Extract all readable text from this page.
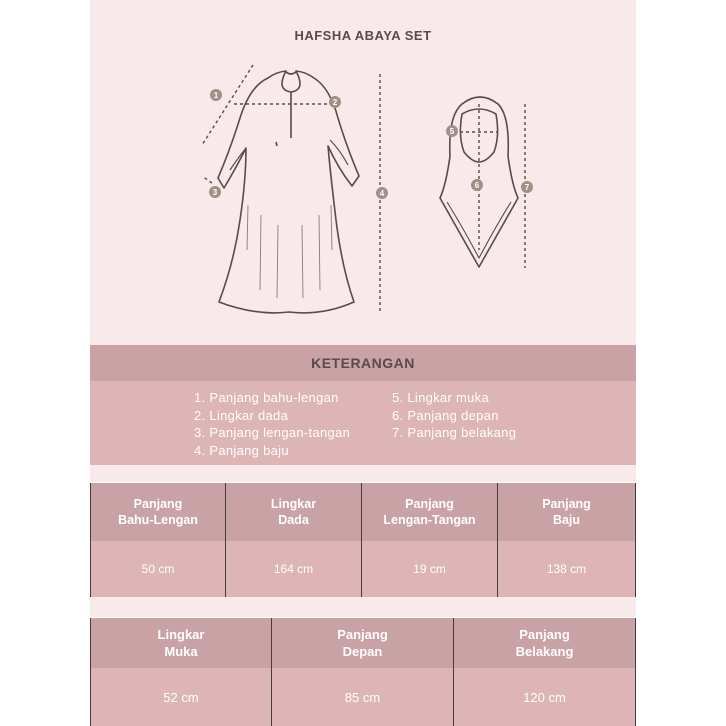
HAFSHA ABAYA SET
1
2
3	4
5
6	7
KETERANGAN
1. Panjang bahu-lengan
2. Lingkar dada
3. Panjang lengan-tangan
4. Panjang baju
5. Lingkar muka
6. Panjang depan
7. Panjang belakang
Panjang
Bahu-Lengan
50 cm
Lingkar
Dada
164 cm
Panjang
Lengan-Tangan
19 cm
Panjang
Baju
138 cm
Lingkar
Muka
52 cm
Panjang
Depan
85 cm
Panjang
Belakang
120 cm
